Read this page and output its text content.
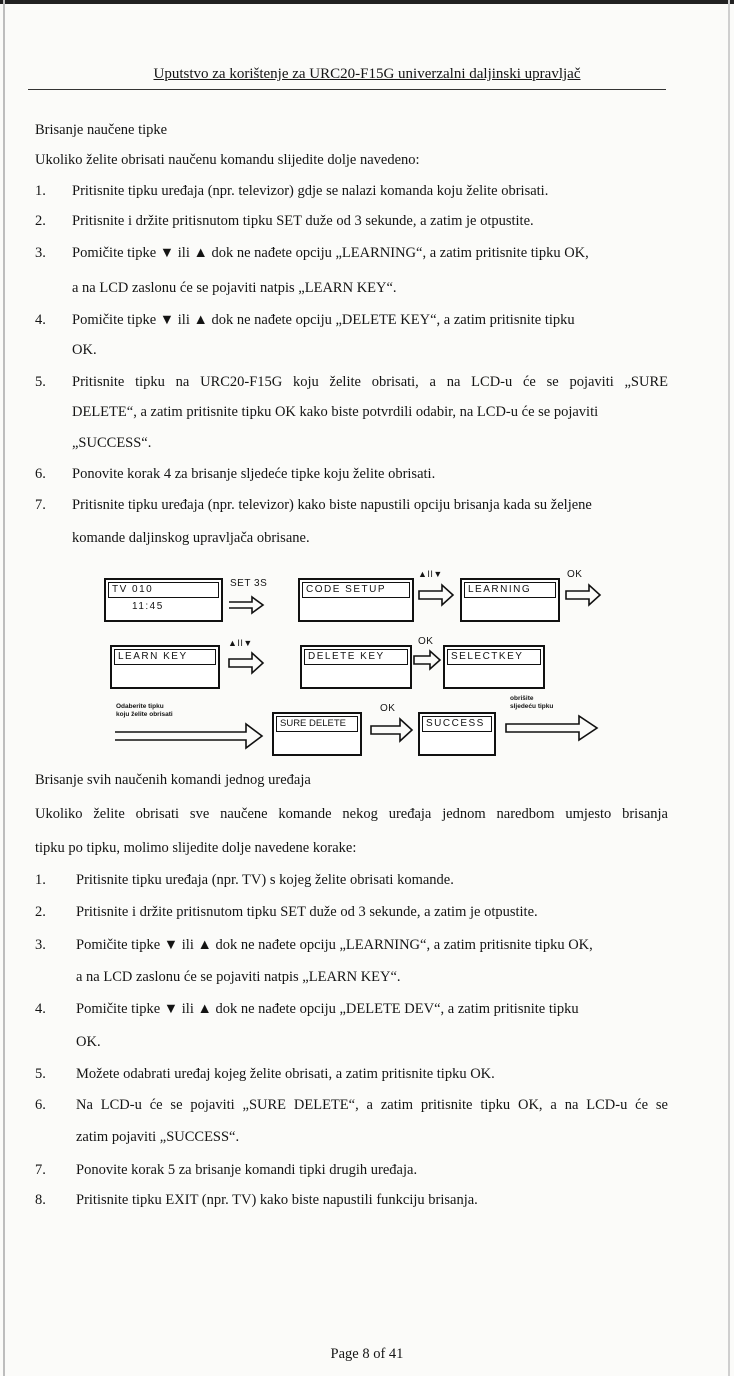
Uputstvo za korištenje za URC20-F15G univerzalni daljinski upravljač
Brisanje naučene tipke
Ukoliko želite obrisati naučenu komandu slijedite dolje navedeno:
1. Pritisnite tipku uređaja (npr. televizor) gdje se nalazi komanda koju želite obrisati.
2. Pritisnite i držite pritisnutom tipku SET duže od 3 sekunde, a zatim je otpustite.
3. Pomičite tipke ▼ ili ▲ dok ne nađete opciju „LEARNING“, a zatim pritisnite tipku OK,
a na LCD zaslonu će se pojaviti natpis „LEARN KEY“.
4. Pomičite tipke ▼ ili ▲ dok ne nađete opciju „DELETE KEY“, a zatim pritisnite tipku
OK.
5. Pritisnite tipku na URC20-F15G koju želite obrisati, a na LCD-u će se pojaviti „SURE
DELETE“, a zatim pritisnite tipku OK kako biste potvrdili odabir, na LCD-u će se pojaviti
„SUCCESS“.
6. Ponovite korak 4 za brisanje sljedeće tipke koju želite obrisati.
7. Pritisnite tipku uređaja (npr. televizor) kako biste napustili opciju brisanja kada su željene
komande daljinskog upravljača obrisane.
TV 010
11:45
SET 3S
CODE SETUP
▲II▼
LEARNING
OK
LEARN KEY
▲II▼
DELETE KEY
OK
SELECTKEY
Odaberite tipku
koju želite obrisati
SURE DELETE
OK
SUCCESS
obrišite
sljedeću tipku
Brisanje svih naučenih komandi jednog uređaja
Ukoliko želite obrisati sve naučene komande nekog uređaja jednom naredbom umjesto brisanja
tipku po tipku, molimo slijedite dolje navedene korake:
1. Pritisnite tipku uređaja (npr. TV) s kojeg želite obrisati komande.
2. Pritisnite i držite pritisnutom tipku SET duže od 3 sekunde, a zatim je otpustite.
3. Pomičite tipke ▼ ili ▲ dok ne nađete opciju „LEARNING“, a zatim pritisnite tipku OK,
a na LCD zaslonu će se pojaviti natpis „LEARN KEY“.
4. Pomičite tipke ▼ ili ▲ dok ne nađete opciju „DELETE DEV“, a zatim pritisnite tipku
OK.
5. Možete odabrati uređaj kojeg želite obrisati, a zatim pritisnite tipku OK.
6. Na LCD-u će se pojaviti „SURE DELETE“, a zatim pritisnite tipku OK, a na LCD-u će se
zatim pojaviti „SUCCESS“.
7. Ponovite korak 5 za brisanje komandi tipki drugih uređaja.
8. Pritisnite tipku EXIT (npr. TV) kako biste napustili funkciju brisanja.
Page 8 of 41
